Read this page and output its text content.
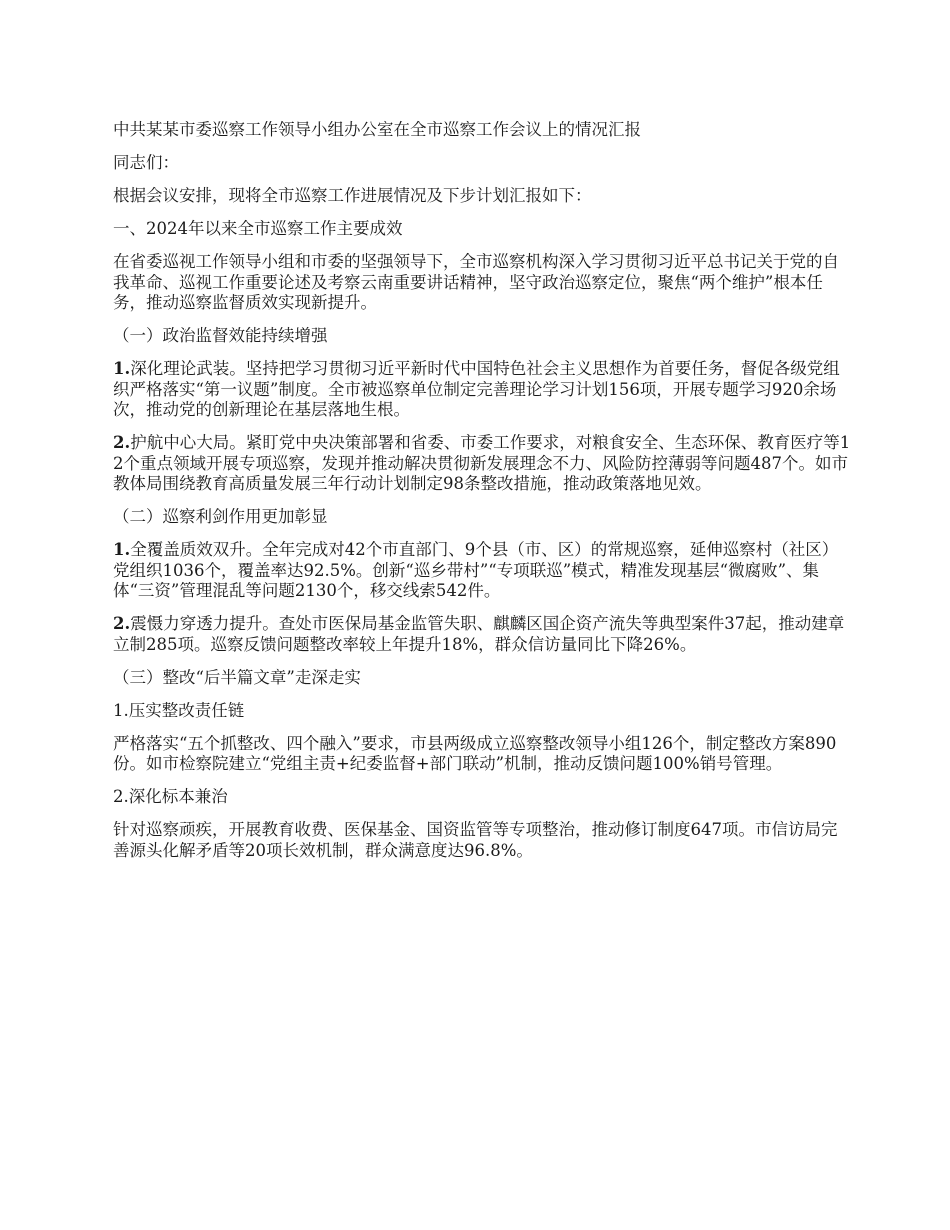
中共某某市委巡察工作领导小组办公室在全市巡察工作会议上的情况汇报

同志们：

根据会议安排，现将全市巡察工作进展情况及下步计划汇报如下：

一、2024年以来全市巡察工作主要成效

在省委巡视工作领导小组和市委的坚强领导下，全市巡察机构深入学习贯彻习近平总书记关于党的自我革命、巡视工作重要论述及考察云南重要讲话精神，坚守政治巡察定位，聚焦“两个维护”根本任务，推动巡察监督质效实现新提升。

（一）政治监督效能持续增强

1.深化理论武装。坚持把学习贯彻习近平新时代中国特色社会主义思想作为首要任务，督促各级党组织严格落实“第一议题”制度。全市被巡察单位制定完善理论学习计划156项，开展专题学习920余场次，推动党的创新理论在基层落地生根。

2.护航中心大局。紧盯党中央决策部署和省委、市委工作要求，对粮食安全、生态环保、教育医疗等12个重点领域开展专项巡察，发现并推动解决贯彻新发展理念不力、风险防控薄弱等问题487个。如市教体局围绕教育高质量发展三年行动计划制定98条整改措施，推动政策落地见效。

（二）巡察利剑作用更加彰显

1.全覆盖质效双升。全年完成对42个市直部门、9个县（市、区）的常规巡察，延伸巡察村（社区）党组织1036个，覆盖率达92.5%。创新“巡乡带村”“专项联巡”模式，精准发现基层“微腐败”、集体“三资”管理混乱等问题2130个，移交线索542件。

2.震慑力穿透力提升。查处市医保局基金监管失职、麒麟区国企资产流失等典型案件37起，推动建章立制285项。巡察反馈问题整改率较上年提升18%，群众信访量同比下降26%。

（三）整改“后半篇文章”走深走实

1.压实整改责任链

严格落实“五个抓整改、四个融入”要求，市县两级成立巡察整改领导小组126个，制定整改方案890份。如市检察院建立“党组主责+纪委监督+部门联动”机制，推动反馈问题100%销号管理。

2.深化标本兼治

针对巡察顽疾，开展教育收费、医保基金、国资监管等专项整治，推动修订制度647项。市信访局完善源头化解矛盾等20项长效机制，群众满意度达96.8%。
